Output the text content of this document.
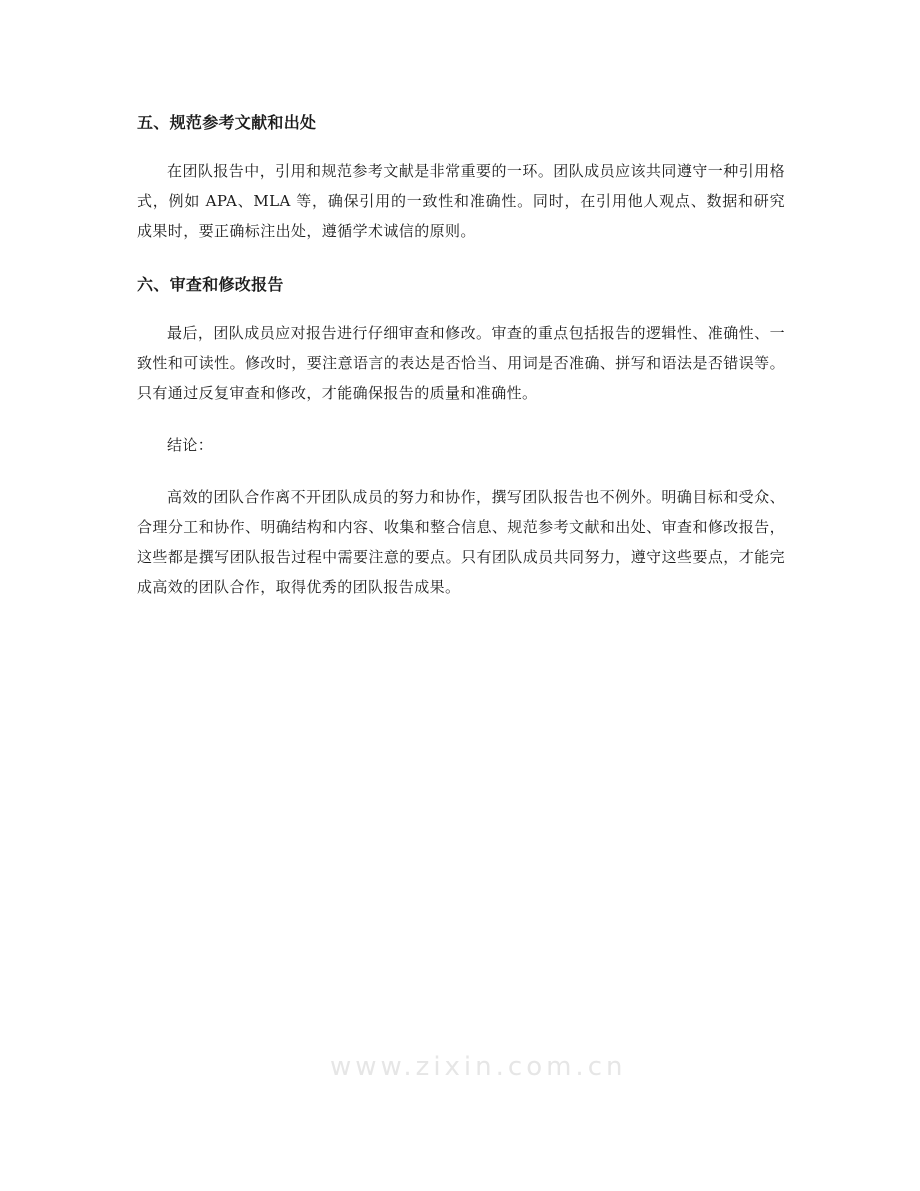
五、规范参考文献和出处

在团队报告中，引用和规范参考文献是非常重要的一环。团队成员应该共同遵守一种引用格式，例如 APA、MLA 等，确保引用的一致性和准确性。同时，在引用他人观点、数据和研究成果时，要正确标注出处，遵循学术诚信的原则。

六、审查和修改报告

最后，团队成员应对报告进行仔细审查和修改。审查的重点包括报告的逻辑性、准确性、一致性和可读性。修改时，要注意语言的表达是否恰当、用词是否准确、拼写和语法是否错误等。只有通过反复审查和修改，才能确保报告的质量和准确性。

结论：

高效的团队合作离不开团队成员的努力和协作，撰写团队报告也不例外。明确目标和受众、合理分工和协作、明确结构和内容、收集和整合信息、规范参考文献和出处、审查和修改报告，这些都是撰写团队报告过程中需要注意的要点。只有团队成员共同努力，遵守这些要点，才能完成高效的团队合作，取得优秀的团队报告成果。

www.zixin.com.cn
